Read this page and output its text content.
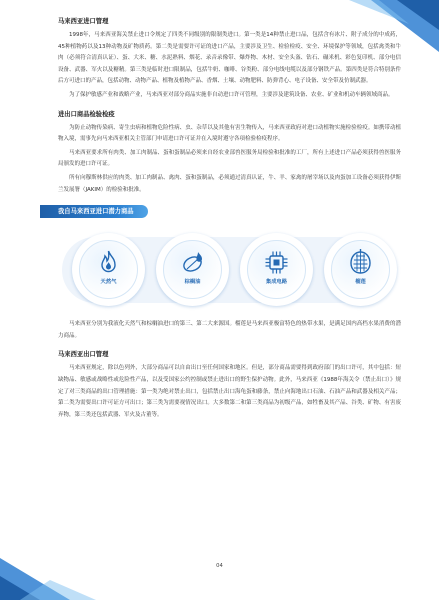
马来西亚进口管理
1998年，马来西亚海关禁止进口令规定了四类不同级别的限制类进口。第一类是14种禁止进口品，包括含有冰片、附子成分的中成药，45种植物药以及13种动物及矿物质药。第二类是需要许可证的进口产品，主要涉及卫生、检验检疫、安全、环境保护等领域，包括禽类和牛肉（必须符合清真认证）、蛋、大米、糖、水泥熟料、烟花、录音录像带、爆炸物、木材、安全头盔、钻石、碾米机、彩色复印机、部分电信设备、武器、军火以及糖精。第三类是临时进口限制品，包括牛奶、咖啡、谷类粉、部分电线电缆以及部分钢铁产品。第四类是符合特别条件后方可进口的产品，包括动物、动物产品、植物及植物产品、香烟、土壤、动物肥料、防弹背心、电子设备、安全带及仿制武器。
为了保护敏感产业和战略产业，马来西亚对部分商品实施非自动进口许可管理，主要涉及建筑设备、农业、矿业和机动车辆领域商品。
进出口商品检验检疫
为防止动物传染病、寄生虫病和植物危险性病、虫、杂草以及其他有害生物传入，马来西亚政府对进口动植物实施检验检疫。如携带动植物入境，需事先向马来西亚相关主管部门申请进口许可证并在入境时遵守各项检验检疫程序。
马来西亚要求所有肉类、加工肉制品、蛋和蛋制品必须来自经农业部兽医服务局检验和批准的工厂，所有上述进口产品必须获得兽医服务局颁发的进口许可证。
所有向穆斯林供应的肉类、加工肉制品、禽肉、蛋和蛋制品，必须通过清真认证，牛、羊、家禽的屠宰场以及肉蛋加工设备必须获得伊斯兰发展署（JAKIM）的检验和批准。
我自马来西亚进口潜力商品
天然气	棕榈油	集成电路	榴莲
马来西亚分别为我液化天然气和棕榈油进口的第三、第二大来源国。榴莲是马来西亚极富特色的热带水果，是满足国内高档水果消费的潜力商品。
马来西亚出口管理
马来西亚规定，除以色列外，大部分商品可以自由出口至任何国家和地区。但是，部分商品需要得到政府部门的出口许可，其中包括：短缺物品、敏感或战略性或危险性产品，以及受国家公约控制或禁止进出口的野生保护动物。此外，马来西亚《1988年海关令（禁止出口）》规定了对三类商品的出口管理措施：第一类为绝对禁止出口，包括禁止出口海龟蛋和藤条，禁止向海地出口石油、石油产品和武器及相关产品；第二类为需要出口许可证方可出口；第三类为需要视情况出口。大多数第二和第三类商品为初级产品，如牲畜及其产品、谷类、矿物、有害废弃物，第三类还包括武器、军火及古董等。
04
